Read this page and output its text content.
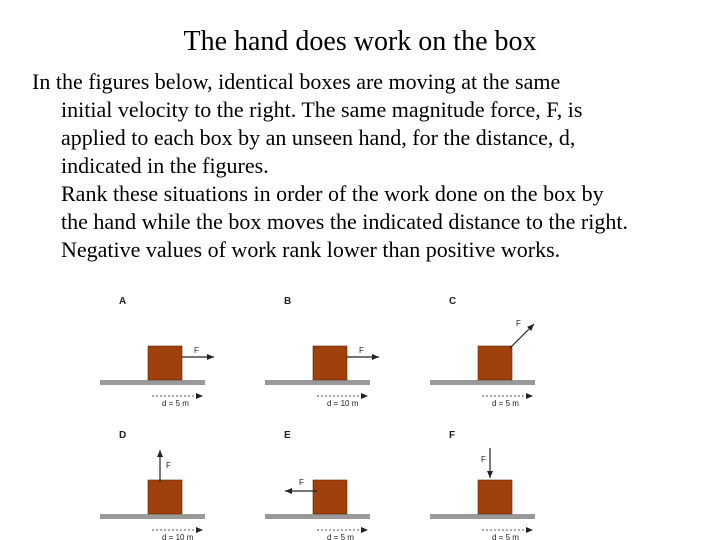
The hand does work on the box
In the figures below, identical boxes are moving at the same
initial velocity to the right. The same magnitude force, F, is
applied to each box by an unseen hand, for the distance, d,
indicated in the figures.
Rank these situations in order of the work done on the box by
the hand while the box moves the indicated distance to the right.
Negative values of work rank lower than positive works.
A
F
d = 5 m
B
F
d = 10 m
C
F
d = 5 m
D
F
d = 10 m
E
F
d = 5 m
F
F
d = 5 m
